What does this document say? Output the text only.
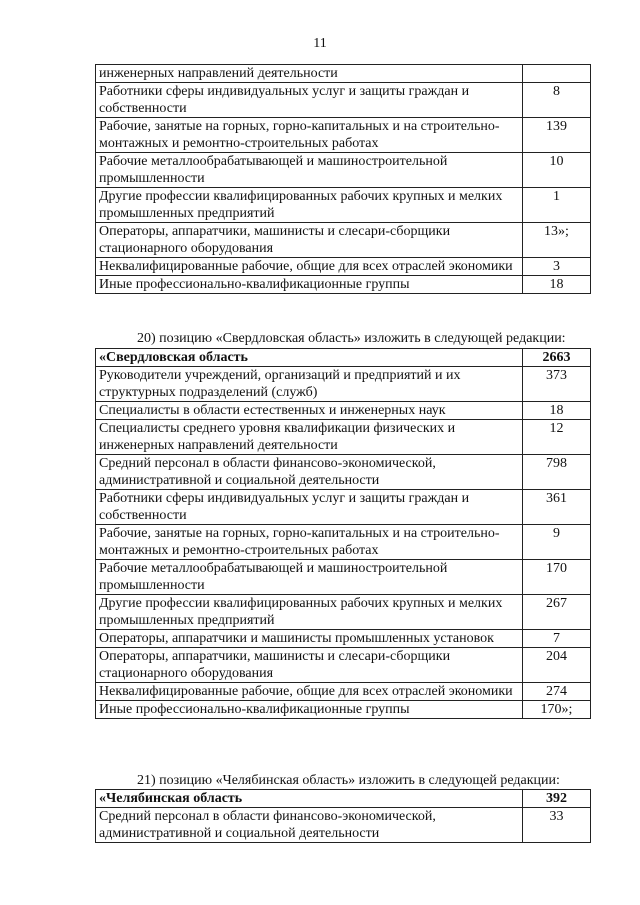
11
инженерных направлений деятельности	
Работники сферы индивидуальных услуг и защиты граждан и собственности	8
Рабочие, занятые на горных, горно-капитальных и на строительно-монтажных и ремонтно-строительных работах	139
Рабочие металлообрабатывающей и машиностроительной промышленности	10
Другие профессии квалифицированных рабочих крупных и мелких промышленных предприятий	1
Операторы, аппаратчики, машинисты и слесари-сборщики стационарного оборудования	13»;
Неквалифицированные рабочие, общие для всех отраслей экономики	3
Иные профессионально-квалификационные группы	18
20) позицию «Свердловская область» изложить в следующей редакции:
«Свердловская область	2663
Руководители учреждений, организаций и предприятий и их структурных подразделений (служб)	373
Специалисты в области естественных и инженерных наук	18
Специалисты среднего уровня квалификации физических и инженерных направлений деятельности	12
Средний персонал в области финансово-экономической, административной и социальной деятельности	798
Работники сферы индивидуальных услуг и защиты граждан и собственности	361
Рабочие, занятые на горных, горно-капитальных и на строительно-монтажных и ремонтно-строительных работах	9
Рабочие металлообрабатывающей и машиностроительной промышленности	170
Другие профессии квалифицированных рабочих крупных и мелких промышленных предприятий	267
Операторы, аппаратчики и машинисты промышленных установок	7
Операторы, аппаратчики, машинисты и слесари-сборщики стационарного оборудования	204
Неквалифицированные рабочие, общие для всех отраслей экономики	274
Иные профессионально-квалификационные группы	170»;
21) позицию «Челябинская область» изложить в следующей редакции:
«Челябинская область	392
Средний персонал в области финансово-экономической, административной и социальной деятельности	33
